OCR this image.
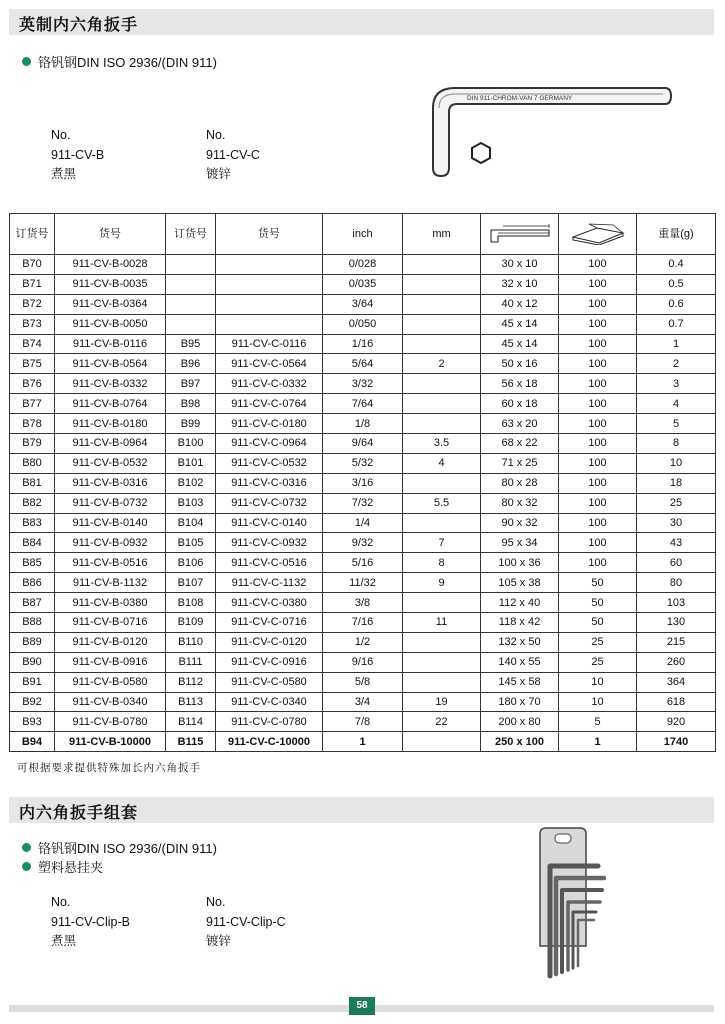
英制内六角扳手
铬钒钢DIN ISO 2936/(DIN 911)
No.
911-CV-B
煮黑
No.
911-CV-C
镀锌
DIN 911-CHROM-VAN 7 GERMANY
订货号	货号	订货号	货号	inch	mm			重量(g)
B70	911-CV-B-0028			0/028		30 x 10	100	0.4
B71	911-CV-B-0035			0/035		32 x 10	100	0.5
B72	911-CV-B-0364			3/64		40 x 12	100	0.6
B73	911-CV-B-0050			0/050		45 x 14	100	0.7
B74	911-CV-B-0116	B95	911-CV-C-0116	1/16		45 x 14	100	1
B75	911-CV-B-0564	B96	911-CV-C-0564	5/64	2	50 x 16	100	2
B76	911-CV-B-0332	B97	911-CV-C-0332	3/32		56 x 18	100	3
B77	911-CV-B-0764	B98	911-CV-C-0764	7/64		60 x 18	100	4
B78	911-CV-B-0180	B99	911-CV-C-0180	1/8		63 x 20	100	5
B79	911-CV-B-0964	B100	911-CV-C-0964	9/64	3.5	68 x 22	100	8
B80	911-CV-B-0532	B101	911-CV-C-0532	5/32	4	71 x 25	100	10
B81	911-CV-B-0316	B102	911-CV-C-0316	3/16		80 x 28	100	18
B82	911-CV-B-0732	B103	911-CV-C-0732	7/32	5.5	80 x 32	100	25
B83	911-CV-B-0140	B104	911-CV-C-0140	1/4		90 x 32	100	30
B84	911-CV-B-0932	B105	911-CV-C-0932	9/32	7	95 x 34	100	43
B85	911-CV-B-0516	B106	911-CV-C-0516	5/16	8	100 x 36	100	60
B86	911-CV-B-1132	B107	911-CV-C-1132	11/32	9	105 x 38	50	80
B87	911-CV-B-0380	B108	911-CV-C-0380	3/8		112 x 40	50	103
B88	911-CV-B-0716	B109	911-CV-C-0716	7/16	11	118 x 42	50	130
B89	911-CV-B-0120	B110	911-CV-C-0120	1/2		132 x 50	25	215
B90	911-CV-B-0916	B111	911-CV-C-0916	9/16		140 x 55	25	260
B91	911-CV-B-0580	B112	911-CV-C-0580	5/8		145 x 58	10	364
B92	911-CV-B-0340	B113	911-CV-C-0340	3/4	19	180 x 70	10	618
B93	911-CV-B-0780	B114	911-CV-C-0780	7/8	22	200 x 80	5	920
B94	911-CV-B-10000	B115	911-CV-C-10000	1		250 x 100	1	1740
可根据要求提供特殊加长内六角扳手
内六角扳手组套
铬钒钢DIN ISO 2936/(DIN 911)
塑料悬挂夹
No.
911-CV-Clip-B
煮黑
No.
911-CV-Clip-C
镀锌
58
